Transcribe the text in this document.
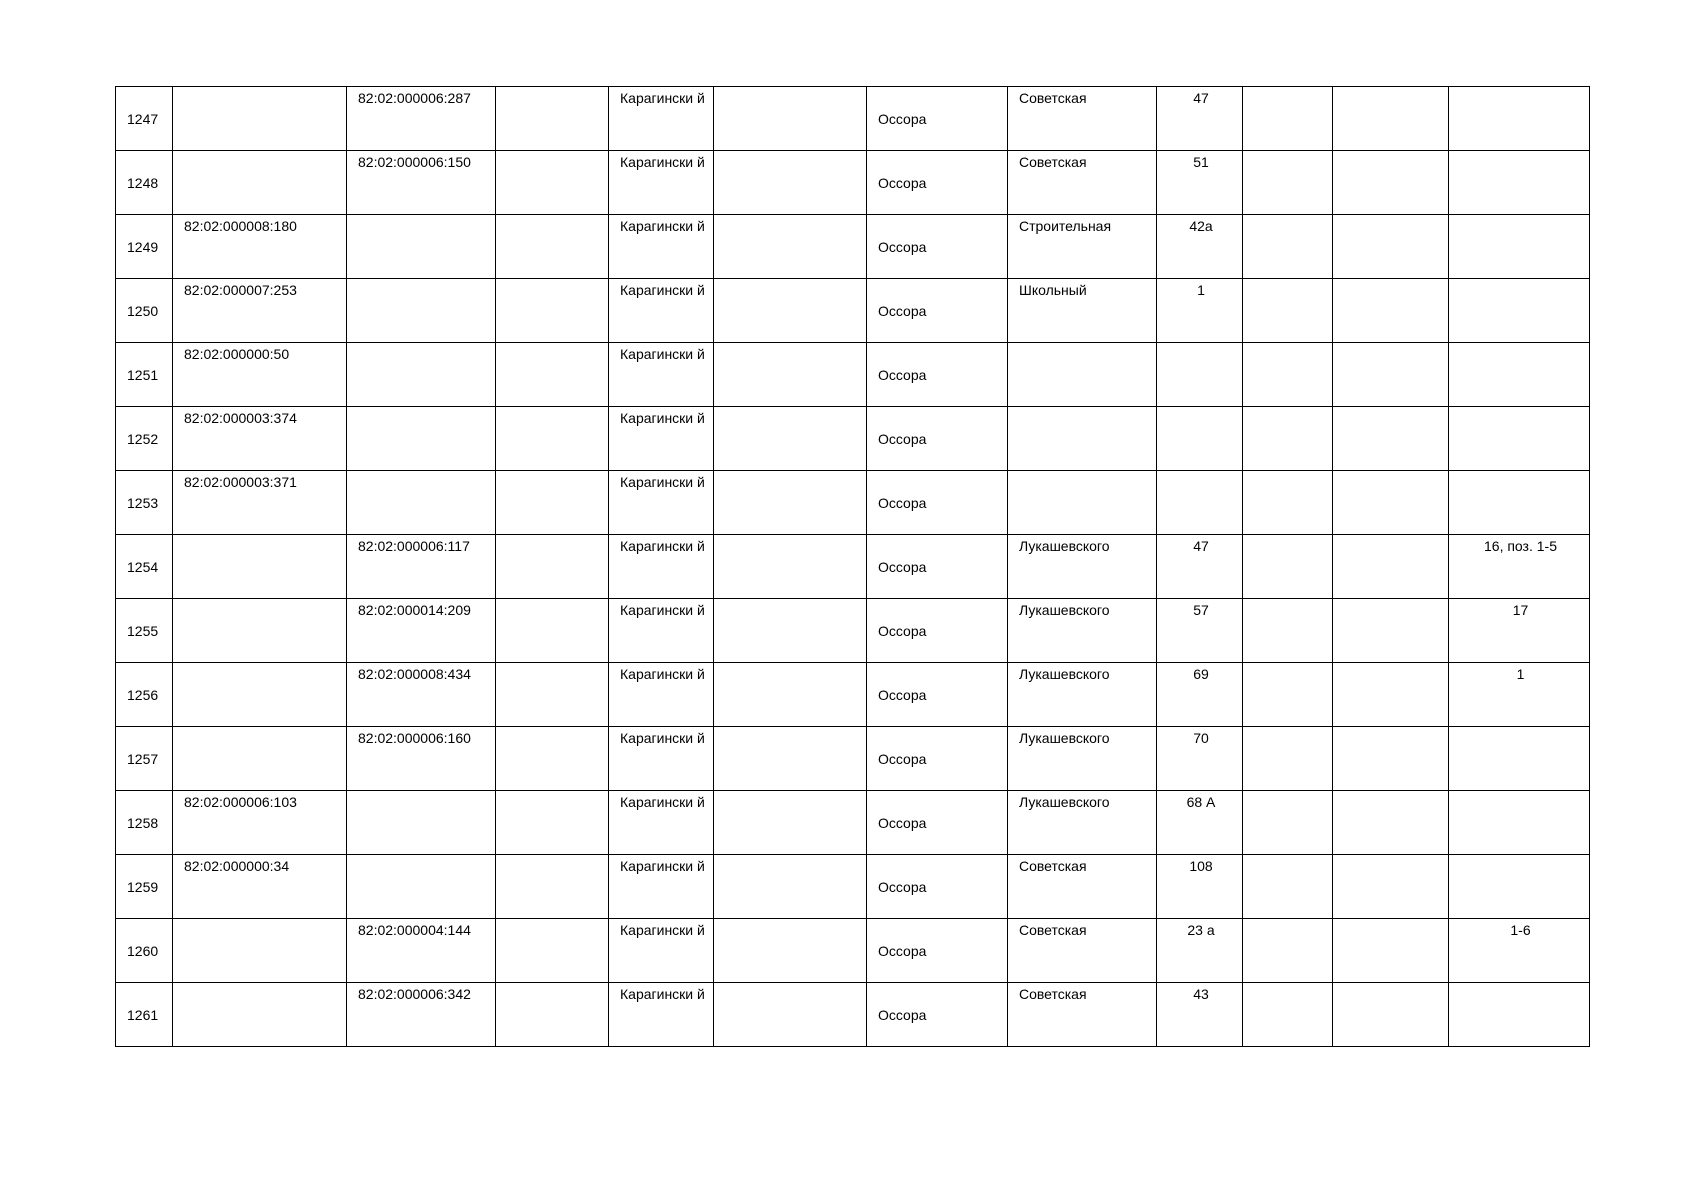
1247		82:02:000006:287		Карагински й		Оссора	Советская	47			
1248		82:02:000006:150		Карагински й		Оссора	Советская	51			
1249	82:02:000008:180			Карагински й		Оссора	Строительная	42а			
1250	82:02:000007:253			Карагински й		Оссора	Школьный	1			
1251	82:02:000000:50			Карагински й		Оссора					
1252	82:02:000003:374			Карагински й		Оссора					
1253	82:02:000003:371			Карагински й		Оссора					
1254		82:02:000006:117		Карагински й		Оссора	Лукашевского	47			16, поз. 1-5
1255		82:02:000014:209		Карагински й		Оссора	Лукашевского	57			17
1256		82:02:000008:434		Карагински й		Оссора	Лукашевского	69			1
1257		82:02:000006:160		Карагински й		Оссора	Лукашевского	70			
1258	82:02:000006:103			Карагински й		Оссора	Лукашевского	68 А			
1259	82:02:000000:34			Карагински й		Оссора	Советская	108			
1260		82:02:000004:144		Карагински й		Оссора	Советская	23 а			1-6
1261		82:02:000006:342		Карагински й		Оссора	Советская	43			
